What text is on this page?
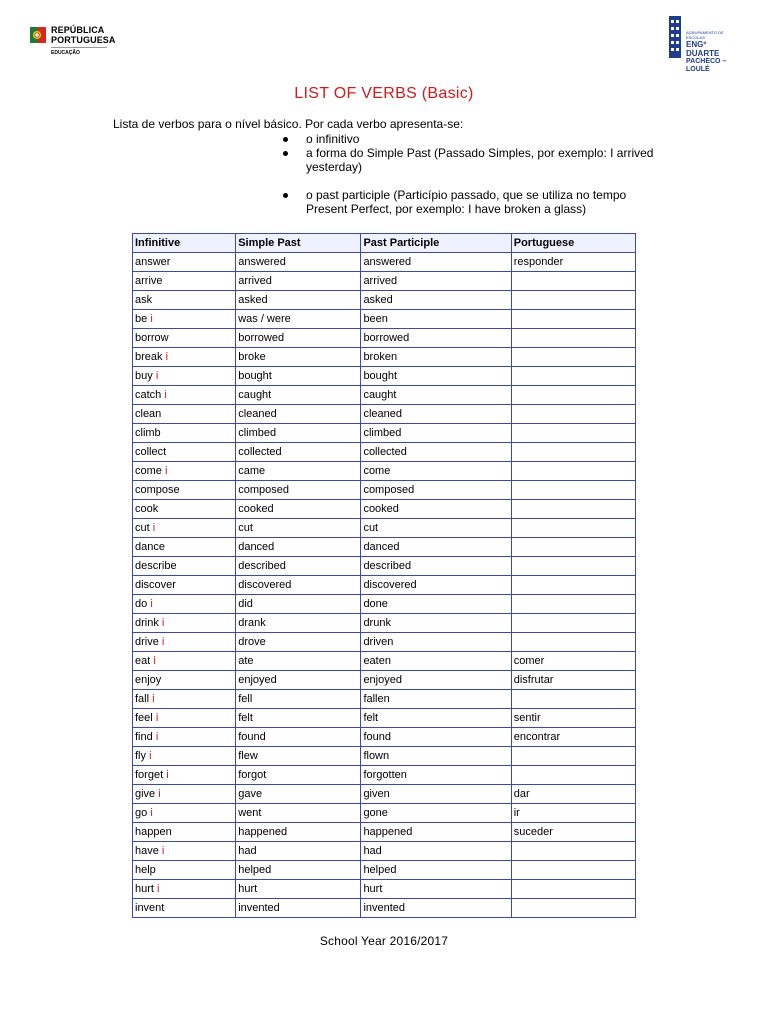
REPÚBLICA
PORTUGUESA
EDUCAÇÃO
AGRUPAMENTO DE ESCOLAS
ENGº DUARTE
PACHECO – LOULÉ
LIST OF VERBS (Basic)
Lista de verbos para o nível básico. Por cada verbo apresenta-se:
o infinitivo
a forma do Simple Past (Passado Simples, por exemplo: I arrived yesterday)
o past participle (Particípio passado, que se utiliza no tempo Present Perfect, por exemplo: I have broken a glass)
Infinitive	Simple Past	Past Participle	Portuguese
answer	answered	answered	responder
arrive	arrived	arrived	
ask	asked	asked	
be i	was / were	been	
borrow	borrowed	borrowed	
break i	broke	broken	
buy i	bought	bought	
catch i	caught	caught	
clean	cleaned	cleaned	
climb	climbed	climbed	
collect	collected	collected	
come i	came	come	
compose	composed	composed	
cook	cooked	cooked	
cut i	cut	cut	
dance	danced	danced	
describe	described	described	
discover	discovered	discovered	
do i	did	done	
drink i	drank	drunk	
drive i	drove	driven	
eat i	ate	eaten	comer
enjoy	enjoyed	enjoyed	disfrutar
fall i	fell	fallen	
feel i	felt	felt	sentir
find i	found	found	encontrar
fly i	flew	flown	
forget i	forgot	forgotten	
give i	gave	given	dar
go i	went	gone	ir
happen	happened	happened	suceder
have i	had	had	
help	helped	helped	
hurt i	hurt	hurt	
invent	invented	invented	
School Year 2016/2017
